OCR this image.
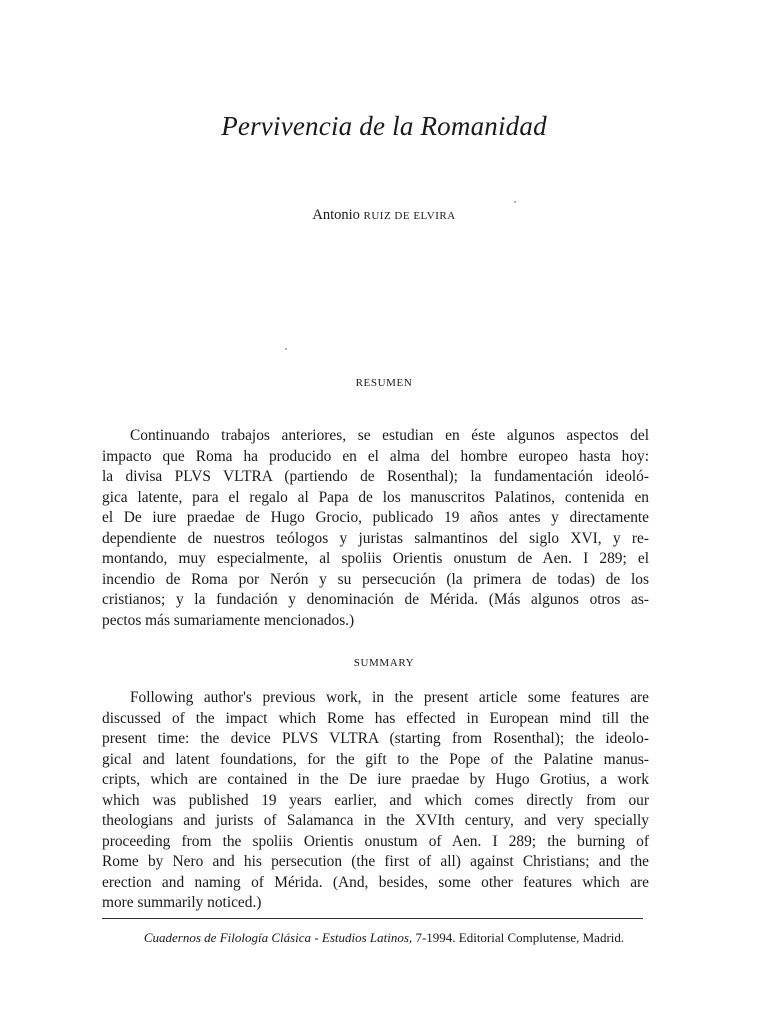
Pervivencia de la Romanidad
Antonio RUIZ DE ELVIRA
RESUMEN
Continuando trabajos anteriores, se estudian en éste algunos aspectos del
impacto que Roma ha producido en el alma del hombre europeo hasta hoy:
la divisa PLVS VLTRA (partiendo de Rosenthal); la fundamentación ideoló-
gica latente, para el regalo al Papa de los manuscritos Palatinos, contenida en
el De iure praedae de Hugo Grocio, publicado 19 años antes y directamente
dependiente de nuestros teólogos y juristas salmantinos del siglo XVI, y re-
montando, muy especialmente, al spoliis Orientis onustum de Aen. I 289; el
incendio de Roma por Nerón y su persecución (la primera de todas) de los
cristianos; y la fundación y denominación de Mérida. (Más algunos otros as-
pectos más sumariamente mencionados.)
SUMMARY
Following author's previous work, in the present article some features are
discussed of the impact which Rome has effected in European mind till the
present time: the device PLVS VLTRA (starting from Rosenthal); the ideolo-
gical and latent foundations, for the gift to the Pope of the Palatine manus-
cripts, which are contained in the De iure praedae by Hugo Grotius, a work
which was published 19 years earlier, and which comes directly from our
theologians and jurists of Salamanca in the XVIth century, and very specially
proceeding from the spoliis Orientis onustum of Aen. I 289; the burning of
Rome by Nero and his persecution (the first of all) against Christians; and the
erection and naming of Mérida. (And, besides, some other features which are
more summarily noticed.)
Cuadernos de Filología Clásica - Estudios Latinos, 7-1994. Editorial Complutense, Madrid.
